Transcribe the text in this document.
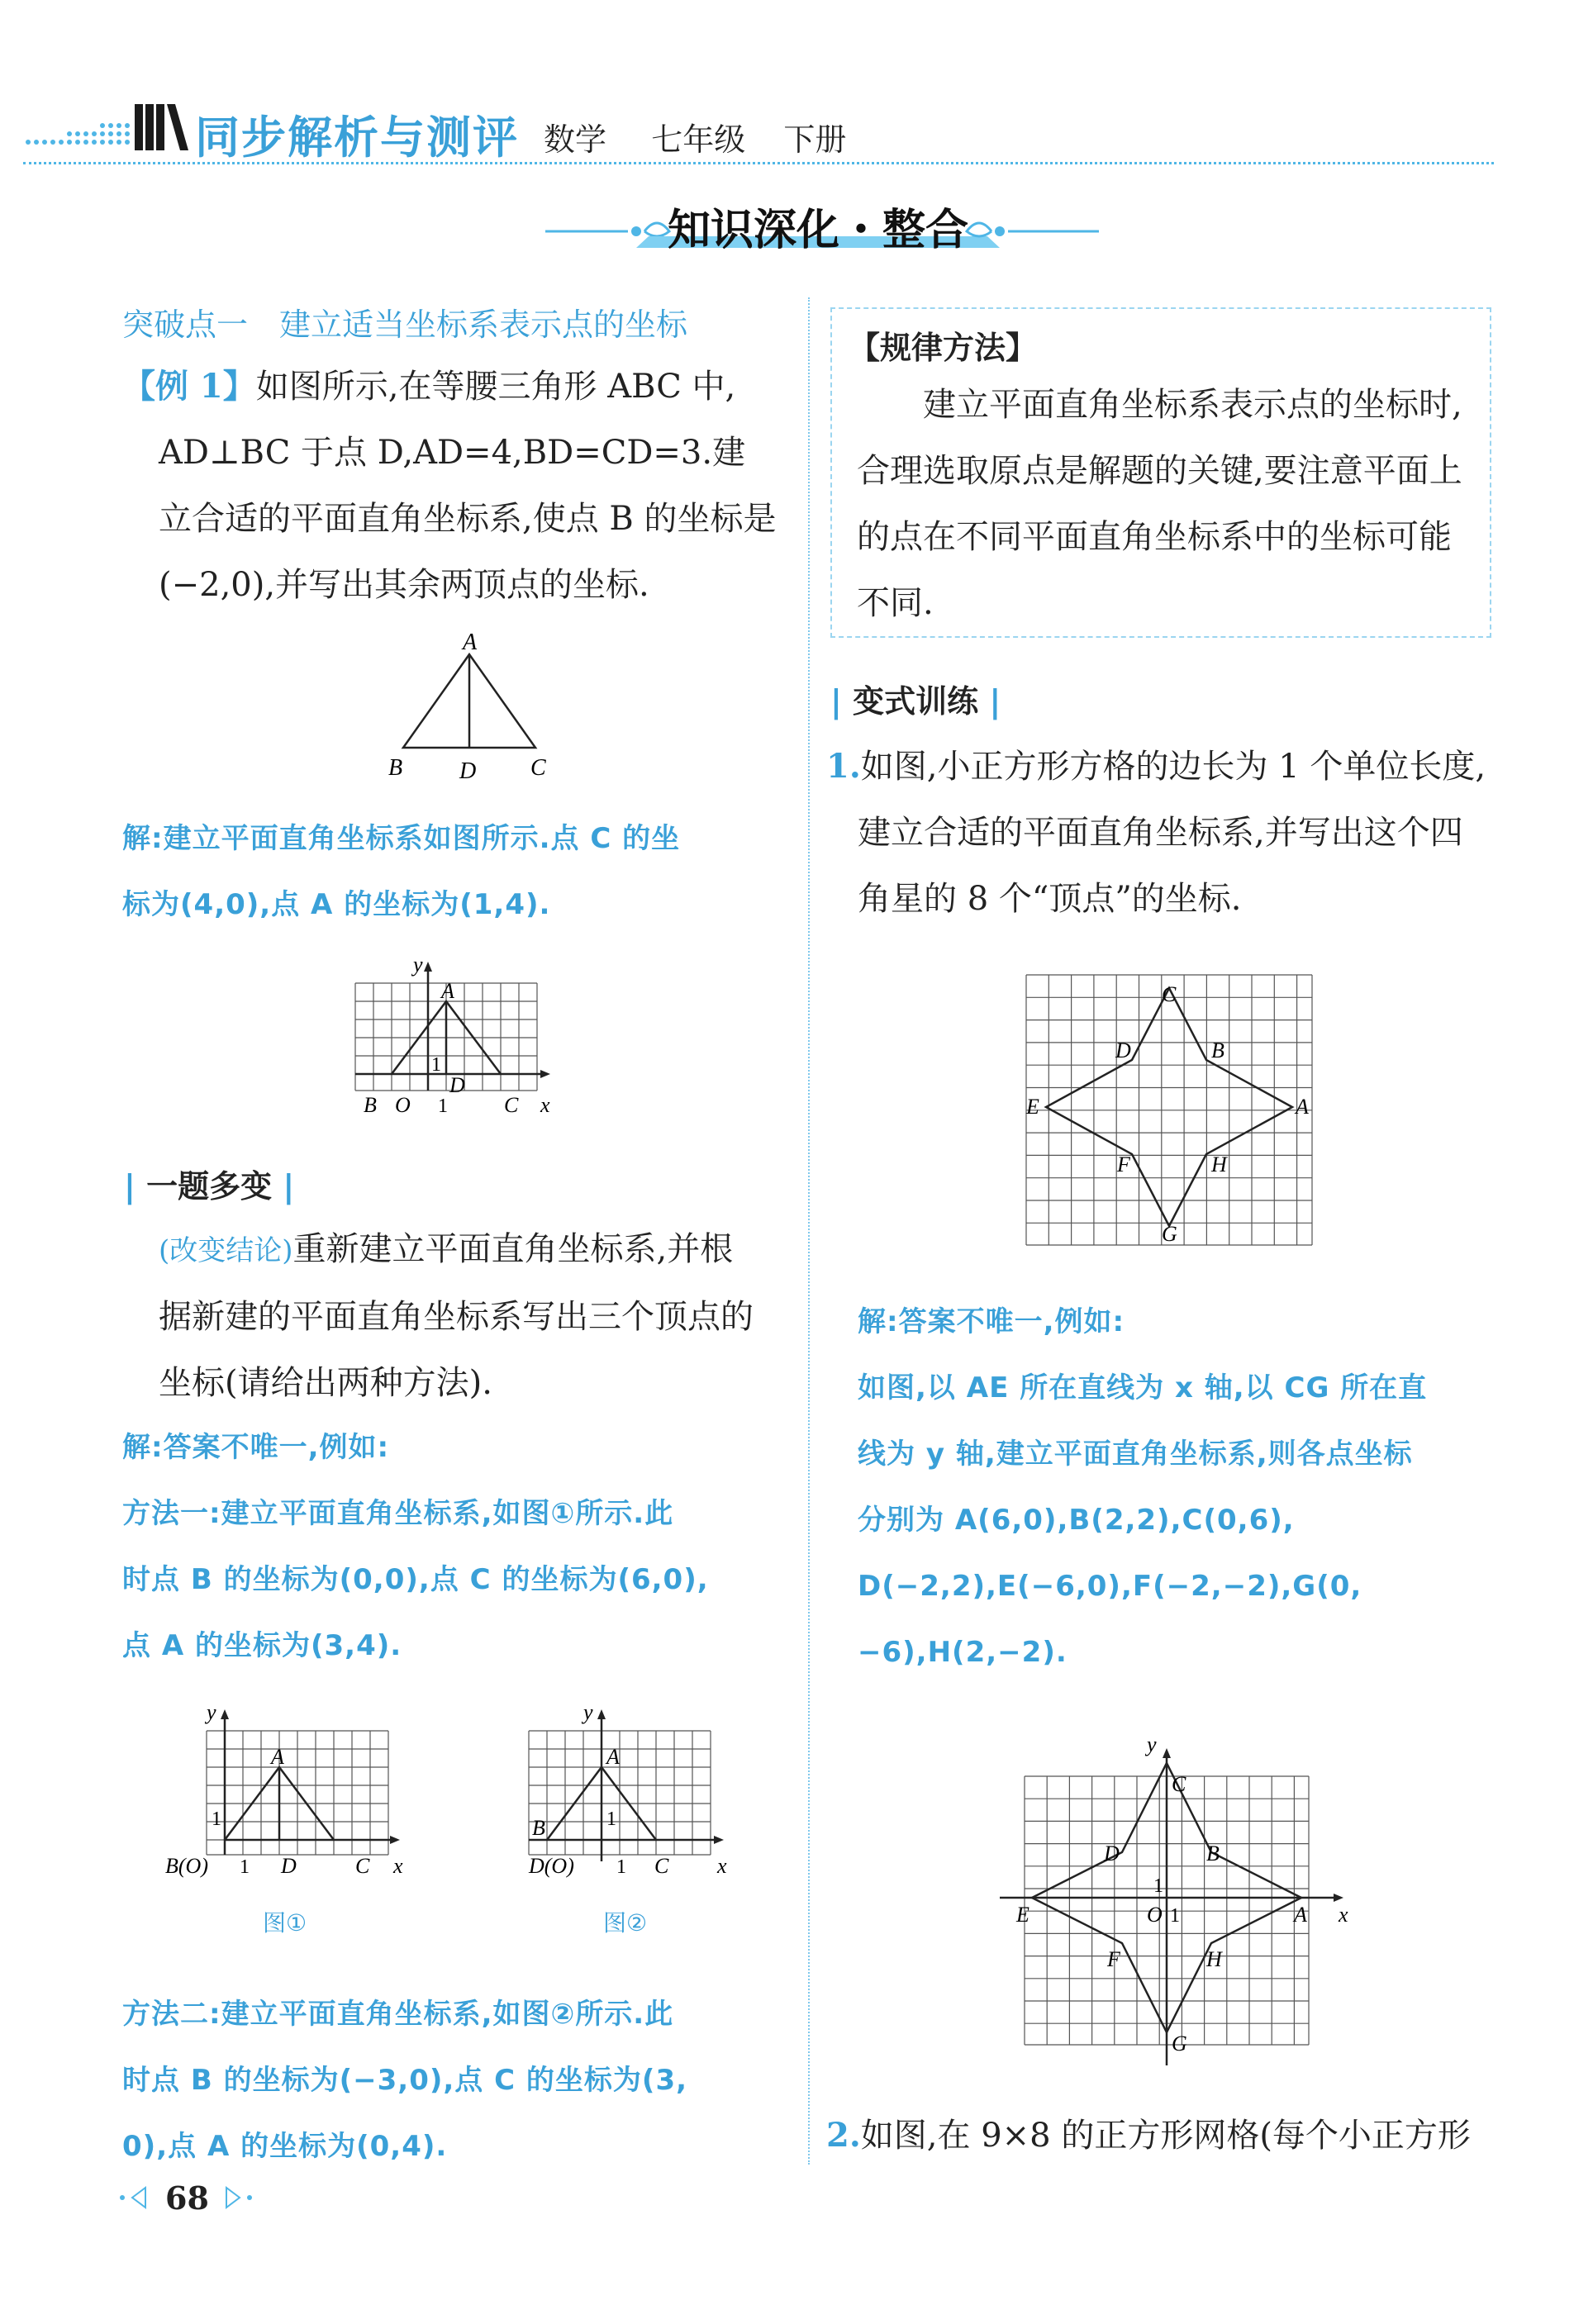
同步解析与测评 数学 七年级 下册
知识深化・整合
突破点一　建立适当坐标系表示点的坐标
【例 1】如图所示,在等腰三角形 ABC 中,
AD⊥BC 于点 D,AD=4,BD=CD=3.建
立合适的平面直角坐标系,使点 B 的坐标是
(−2,0),并写出其余两顶点的坐标.
A
B D C
解:建立平面直角坐标系如图所示.点 C 的坐
标为(4,0),点 A 的坐标为(1,4).
y
A
1
D
B O 1	C x
| 一题多变 |
(改变结论)重新建立平面直角坐标系,并根
据新建的平面直角坐标系写出三个顶点的
坐标(请给出两种方法).
解:答案不唯一,例如:
方法一:建立平面直角坐标系,如图①所示.此
时点 B 的坐标为(0,0),点 C 的坐标为(6,0),
点 A 的坐标为(3,4).
y
A
1
B(O) 1 D	C x
图①
y
A
B	1
D(O) 1 C x
图②
方法二:建立平面直角坐标系,如图②所示.此
时点 B 的坐标为(−3,0),点 C 的坐标为(3,
0),点 A 的坐标为(0,4).
【规律方法】
建立平面直角坐标系表示点的坐标时,
合理选取原点是解题的关键,要注意平面上
的点在不同平面直角坐标系中的坐标可能
不同.
| 变式训练 |
1.如图,小正方形方格的边长为 1 个单位长度,
建立合适的平面直角坐标系,并写出这个四
角星的 8 个“顶点”的坐标.
C
D	B
E	A
F	H
G
解:答案不唯一,例如:
如图,以 AE 所在直线为 x 轴,以 CG 所在直
线为 y 轴,建立平面直角坐标系,则各点坐标
分别为 A(6,0),B(2,2),C(0,6),
D(−2,2),E(−6,0),F(−2,−2),G(0,
−6),H(2,−2).
y
C
D	B
1
E	O 1	A x
F	H
G
2.如图,在 9×8 的正方形网格(每个小正方形
68
